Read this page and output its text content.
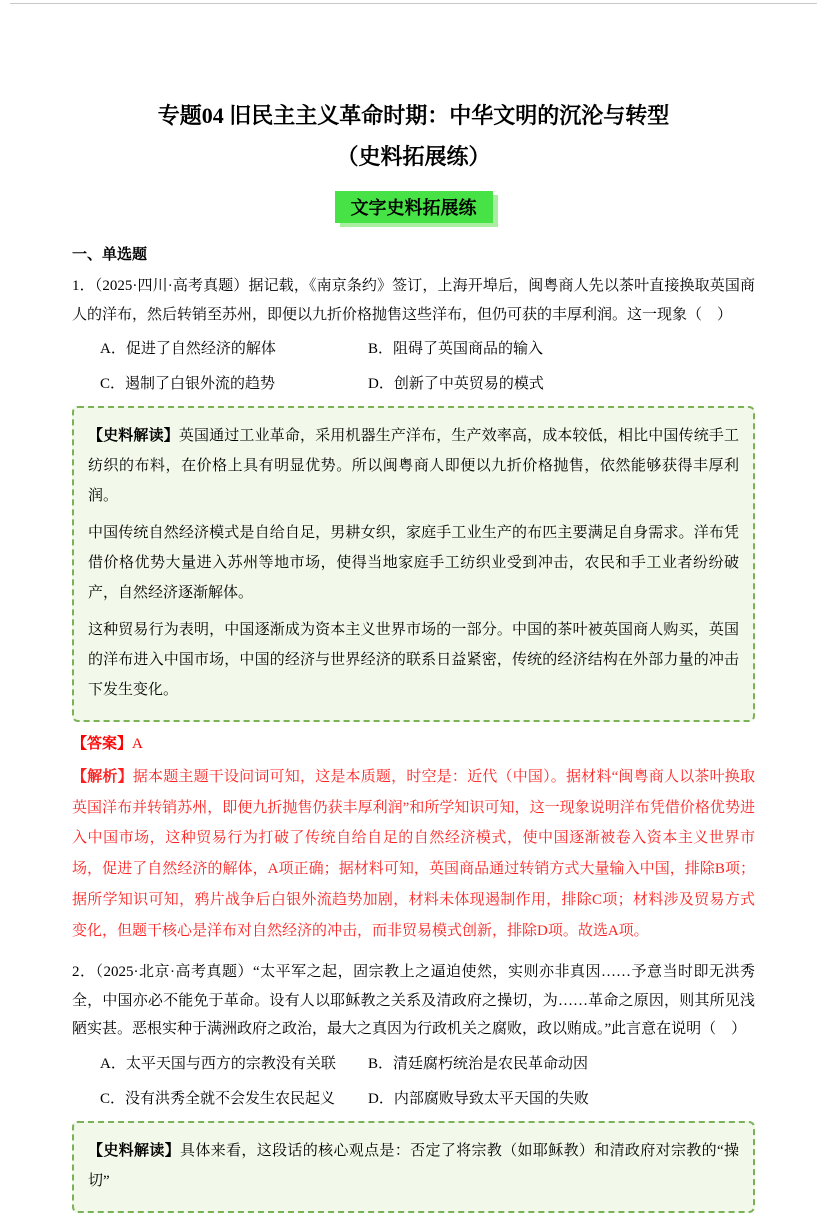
专题04 旧民主主义革命时期：中华文明的沉沦与转型
（史料拓展练）
文字史料拓展练
一、单选题

1．（2025·四川·高考真题）据记载，《南京条约》签订，上海开埠后，闽粤商人先以茶叶直接换取英国商人的洋布，然后转销至苏州，即便以九折价格抛售这些洋布，但仍可获的丰厚利润。这一现象（　）

A．促进了自然经济的解体	B．阻碍了英国商品的输入
C．遏制了白银外流的趋势	D．创新了中英贸易的模式

【史料解读】英国通过工业革命，采用机器生产洋布，生产效率高，成本较低，相比中国传统手工纺织的布料，在价格上具有明显优势。所以闽粤商人即便以九折价格抛售，依然能够获得丰厚利润。

中国传统自然经济模式是自给自足，男耕女织，家庭手工业生产的布匹主要满足自身需求。洋布凭借价格优势大量进入苏州等地市场，使得当地家庭手工纺织业受到冲击，农民和手工业者纷纷破产，自然经济逐渐解体。

这种贸易行为表明，中国逐渐成为资本主义世界市场的一部分。中国的茶叶被英国商人购买，英国的洋布进入中国市场，中国的经济与世界经济的联系日益紧密，传统的经济结构在外部力量的冲击下发生变化。

【答案】A

【解析】据本题主题干设问词可知，这是本质题，时空是：近代（中国）。据材料“闽粤商人以茶叶换取英国洋布并转销苏州，即便九折抛售仍获丰厚利润”和所学知识可知，这一现象说明洋布凭借价格优势进入中国市场，这种贸易行为打破了传统自给自足的自然经济模式，使中国逐渐被卷入资本主义世界市场，促进了自然经济的解体，A项正确；据材料可知，英国商品通过转销方式大量输入中国，排除B项；据所学知识可知，鸦片战争后白银外流趋势加剧，材料未体现遏制作用，排除C项；材料涉及贸易方式变化，但题干核心是洋布对自然经济的冲击，而非贸易模式创新，排除D项。故选A项。

2．（2025·北京·高考真题）“太平军之起，固宗教上之逼迫使然，实则亦非真因……予意当时即无洪秀全，中国亦必不能免于革命。设有人以耶稣教之关系及清政府之操切，为……革命之原因，则其所见浅陋实甚。恶根实种于满洲政府之政治，最大之真因为行政机关之腐败，政以贿成。”此言意在说明（　）

A．太平天国与西方的宗教没有关联	B．清廷腐朽统治是农民革命动因
C．没有洪秀全就不会发生农民起义	D．内部腐败导致太平天国的失败

【史料解读】具体来看，这段话的核心观点是：否定了将宗教（如耶稣教）和清政府对宗教的“操切”
